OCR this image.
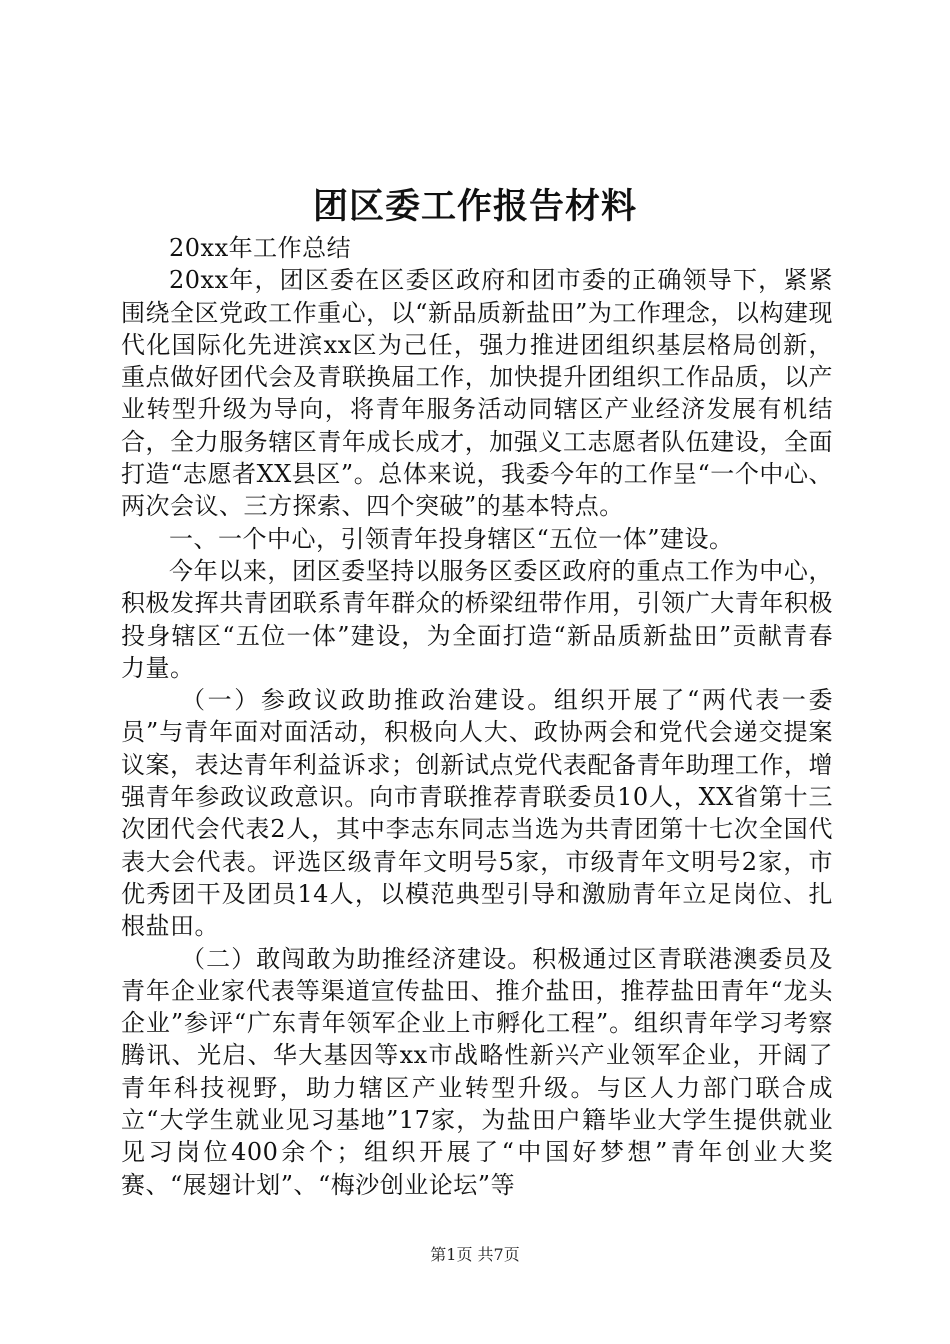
团区委工作报告材料

20xx年工作总结

20xx年，团区委在区委区政府和团市委的正确领导下，紧紧围绕全区党政工作重心，以“新品质新盐田”为工作理念，以构建现代化国际化先进滨xx区为己任，强力推进团组织基层格局创新，重点做好团代会及青联换届工作，加快提升团组织工作品质，以产业转型升级为导向，将青年服务活动同辖区产业经济发展有机结合，全力服务辖区青年成长成才，加强义工志愿者队伍建设，全面打造“志愿者XX县区”。总体来说，我委今年的工作呈“一个中心、两次会议、三方探索、四个突破”的基本特点。

一、一个中心，引领青年投身辖区“五位一体”建设。

今年以来，团区委坚持以服务区委区政府的重点工作为中心，积极发挥共青团联系青年群众的桥梁纽带作用，引领广大青年积极投身辖区“五位一体”建设，为全面打造“新品质新盐田”贡献青春力量。

（一）参政议政助推政治建设。组织开展了“两代表一委员”与青年面对面活动，积极向人大、政协两会和党代会递交提案议案，表达青年利益诉求；创新试点党代表配备青年助理工作，增强青年参政议政意识。向市青联推荐青联委员10人，XX省第十三次团代会代表2人，其中李志东同志当选为共青团第十七次全国代表大会代表。评选区级青年文明号5家，市级青年文明号2家，市优秀团干及团员14人，以模范典型引导和激励青年立足岗位、扎根盐田。

（二）敢闯敢为助推经济建设。积极通过区青联港澳委员及青年企业家代表等渠道宣传盐田、推介盐田，推荐盐田青年“龙头企业”参评“广东青年领军企业上市孵化工程”。组织青年学习考察腾讯、光启、华大基因等xx市战略性新兴产业领军企业，开阔了青年科技视野，助力辖区产业转型升级。与区人力部门联合成立“大学生就业见习基地”17家，为盐田户籍毕业大学生提供就业见习岗位400余个；组织开展了“中国好梦想”青年创业大奖赛、“展翅计划”、“梅沙创业论坛”等

第1页 共7页
